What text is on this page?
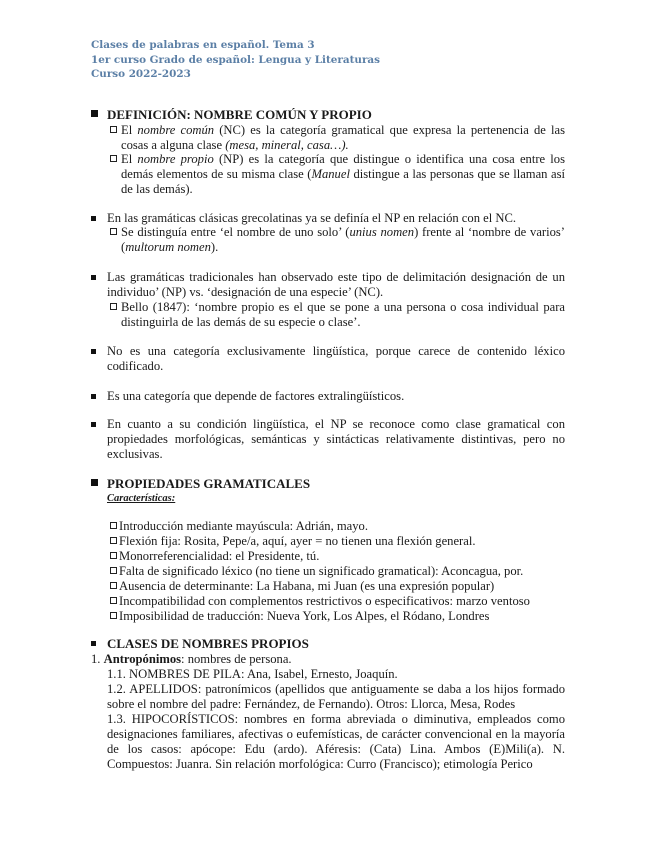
Clases de palabras en español. Tema 3
1er curso Grado de español: Lengua y Literaturas
Curso 2022-2023
DEFINICIÓN: NOMBRE COMÚN Y PROPIO
El nombre común (NC) es la categoría gramatical que expresa la pertenencia de las cosas a alguna clase (mesa, mineral, casa…).
El nombre propio (NP) es la categoría que distingue o identifica una cosa entre los demás elementos de su misma clase (Manuel distingue a las personas que se llaman así de las demás).
En las gramáticas clásicas grecolatinas ya se definía el NP en relación con el NC.
Se distinguía entre ‘el nombre de uno solo’ (unius nomen) frente al ‘nombre de varios’ (multorum nomen).
Las gramáticas tradicionales han observado este tipo de delimitación designación de un individuo’ (NP) vs. ‘designación de una especie’ (NC).
Bello (1847): ‘nombre propio es el que se pone a una persona o cosa individual para distinguirla de las demás de su especie o clase’.
No es una categoría exclusivamente lingüística, porque carece de contenido léxico codificado.
Es una categoría que depende de factores extralingüísticos.
En cuanto a su condición lingüística, el NP se reconoce como clase gramatical con propiedades morfológicas, semánticas y sintácticas relativamente distintivas, pero no exclusivas.
PROPIEDADES GRAMATICALES
Características:
Introducción mediante mayúscula: Adrián, mayo.
Flexión fija: Rosita, Pepe/a, aquí, ayer = no tienen una flexión general.
Monorreferencialidad: el Presidente, tú.
Falta de significado léxico (no tiene un significado gramatical): Aconcagua, por.
Ausencia de determinante: La Habana, mi Juan (es una expresión popular)
Incompatibilidad con complementos restrictivos o especificativos: marzo ventoso
Imposibilidad de traducción: Nueva York, Los Alpes, el Ródano, Londres
CLASES DE NOMBRES PROPIOS
1. Antropónimos: nombres de persona.
1.1. NOMBRES DE PILA: Ana, Isabel, Ernesto, Joaquín.
1.2. APELLIDOS: patronímicos (apellidos que antiguamente se daba a los hijos formado sobre el nombre del padre: Fernández, de Fernando). Otros: Llorca, Mesa, Rodes
1.3. HIPOCORÍSTICOS: nombres en forma abreviada o diminutiva, empleados como designaciones familiares, afectivas o eufemísticas, de carácter convencional en la mayoría de los casos: apócope: Edu (ardo). Aféresis: (Cata) Lina. Ambos (E)Mili(a). N. Compuestos: Juanra. Sin relación morfológica: Curro (Francisco); etimología Perico
